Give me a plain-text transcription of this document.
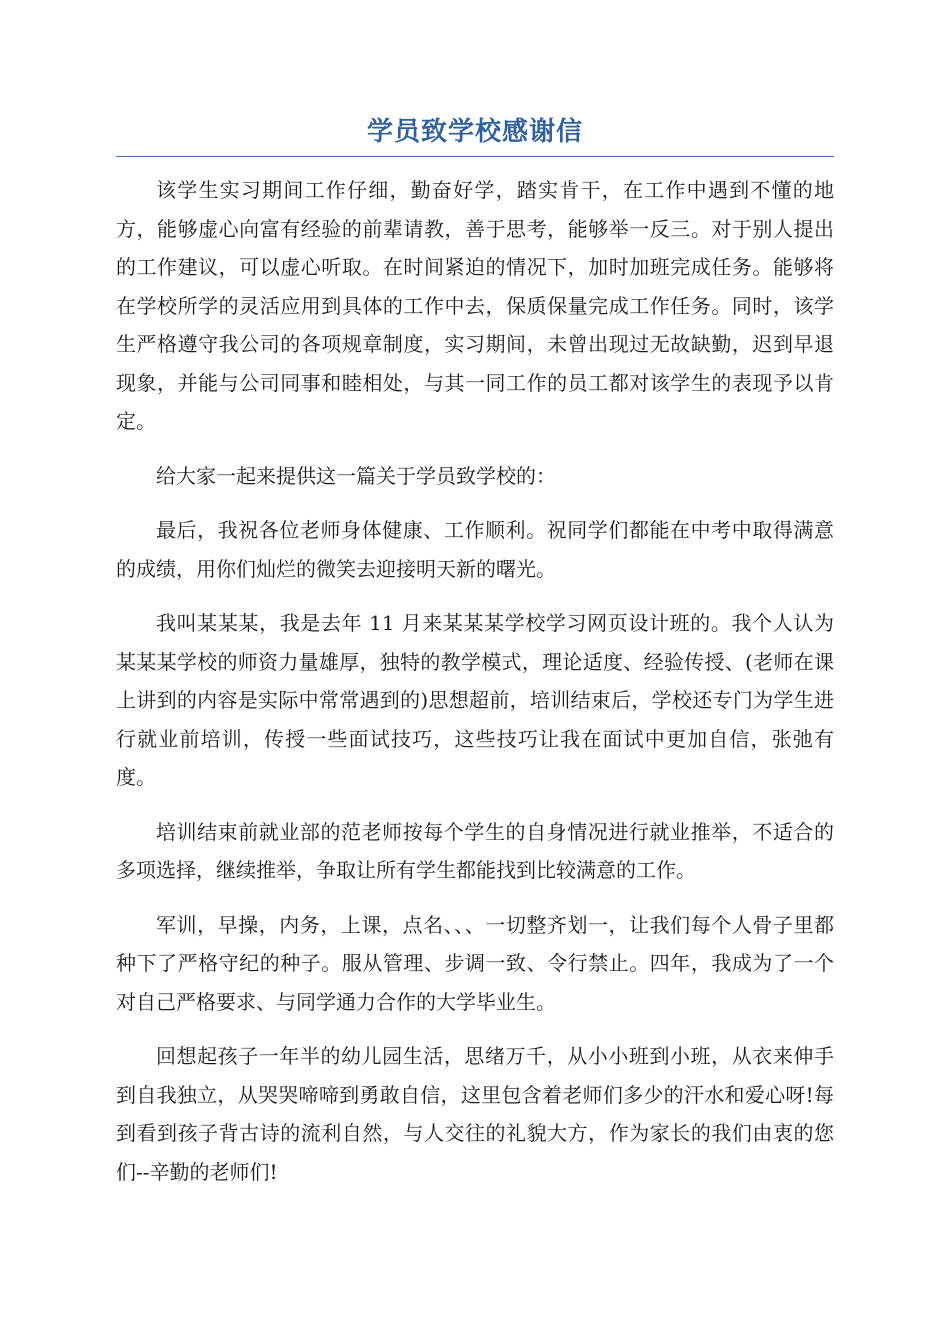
学员致学校感谢信

该学生实习期间工作仔细，勤奋好学，踏实肯干，在工作中遇到不懂的地方，能够虚心向富有经验的前辈请教，善于思考，能够举一反三。对于别人提出的工作建议，可以虚心听取。在时间紧迫的情况下，加时加班完成任务。能够将在学校所学的灵活应用到具体的工作中去，保质保量完成工作任务。同时，该学生严格遵守我公司的各项规章制度，实习期间，未曾出现过无故缺勤，迟到早退现象，并能与公司同事和睦相处，与其一同工作的员工都对该学生的表现予以肯定。

给大家一起来提供这一篇关于学员致学校的：

最后，我祝各位老师身体健康、工作顺利。祝同学们都能在中考中取得满意的成绩，用你们灿烂的微笑去迎接明天新的曙光。

我叫某某某，我是去年 11 月来某某某学校学习网页设计班的。我个人认为某某某学校的师资力量雄厚，独特的教学模式，理论适度、经验传授、(老师在课上讲到的内容是实际中常常遇到的)思想超前，培训结束后，学校还专门为学生进行就业前培训，传授一些面试技巧，这些技巧让我在面试中更加自信，张弛有度。

培训结束前就业部的范老师按每个学生的自身情况进行就业推举，不适合的多项选择，继续推举，争取让所有学生都能找到比较满意的工作。

军训，早操，内务，上课，点名、、、一切整齐划一，让我们每个人骨子里都种下了严格守纪的种子。服从管理、步调一致、令行禁止。四年，我成为了一个对自己严格要求、与同学通力合作的大学毕业生。

回想起孩子一年半的幼儿园生活，思绪万千，从小小班到小班，从衣来伸手到自我独立，从哭哭啼啼到勇敢自信，这里包含着老师们多少的汗水和爱心呀!每到看到孩子背古诗的流利自然，与人交往的礼貌大方，作为家长的我们由衷的您们--辛勤的老师们!
